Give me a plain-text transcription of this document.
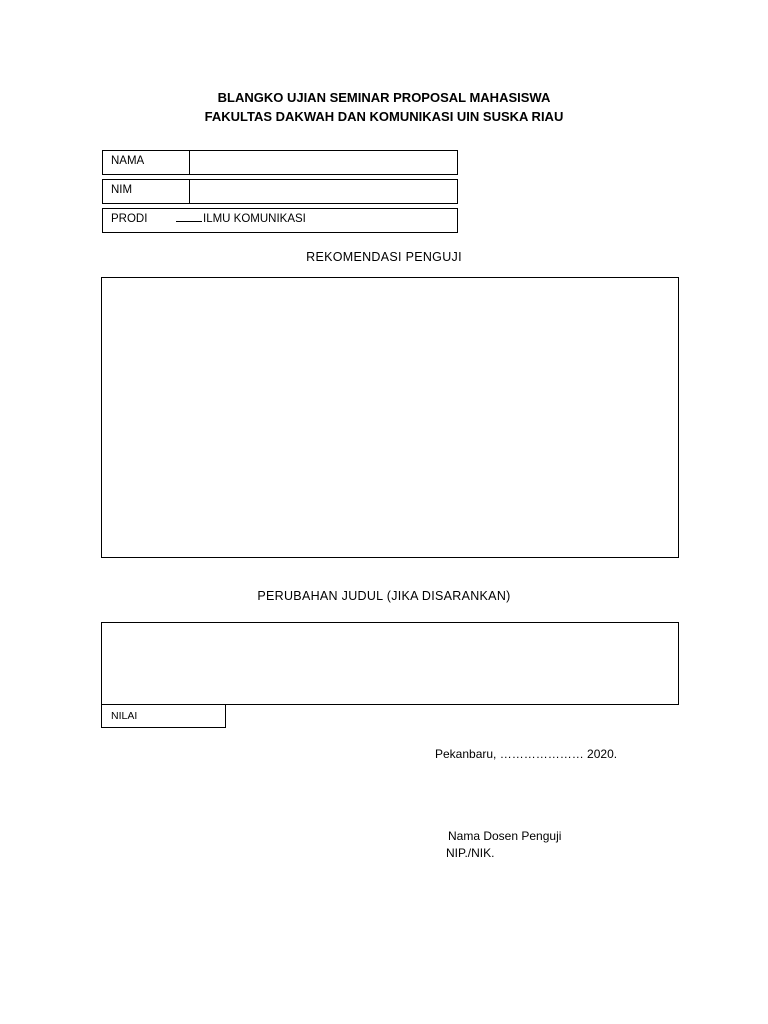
BLANGKO UJIAN SEMINAR PROPOSAL MAHASISWA
FAKULTAS DAKWAH DAN KOMUNIKASI UIN SUSKA RIAU
NAMA
NIM
PRODI	ILMU KOMUNIKASI
REKOMENDASI PENGUJI
PERUBAHAN JUDUL (JIKA DISARANKAN)
NILAI
Pekanbaru, ………………… 2020.
Nama Dosen Penguji
NIP./NIK.
